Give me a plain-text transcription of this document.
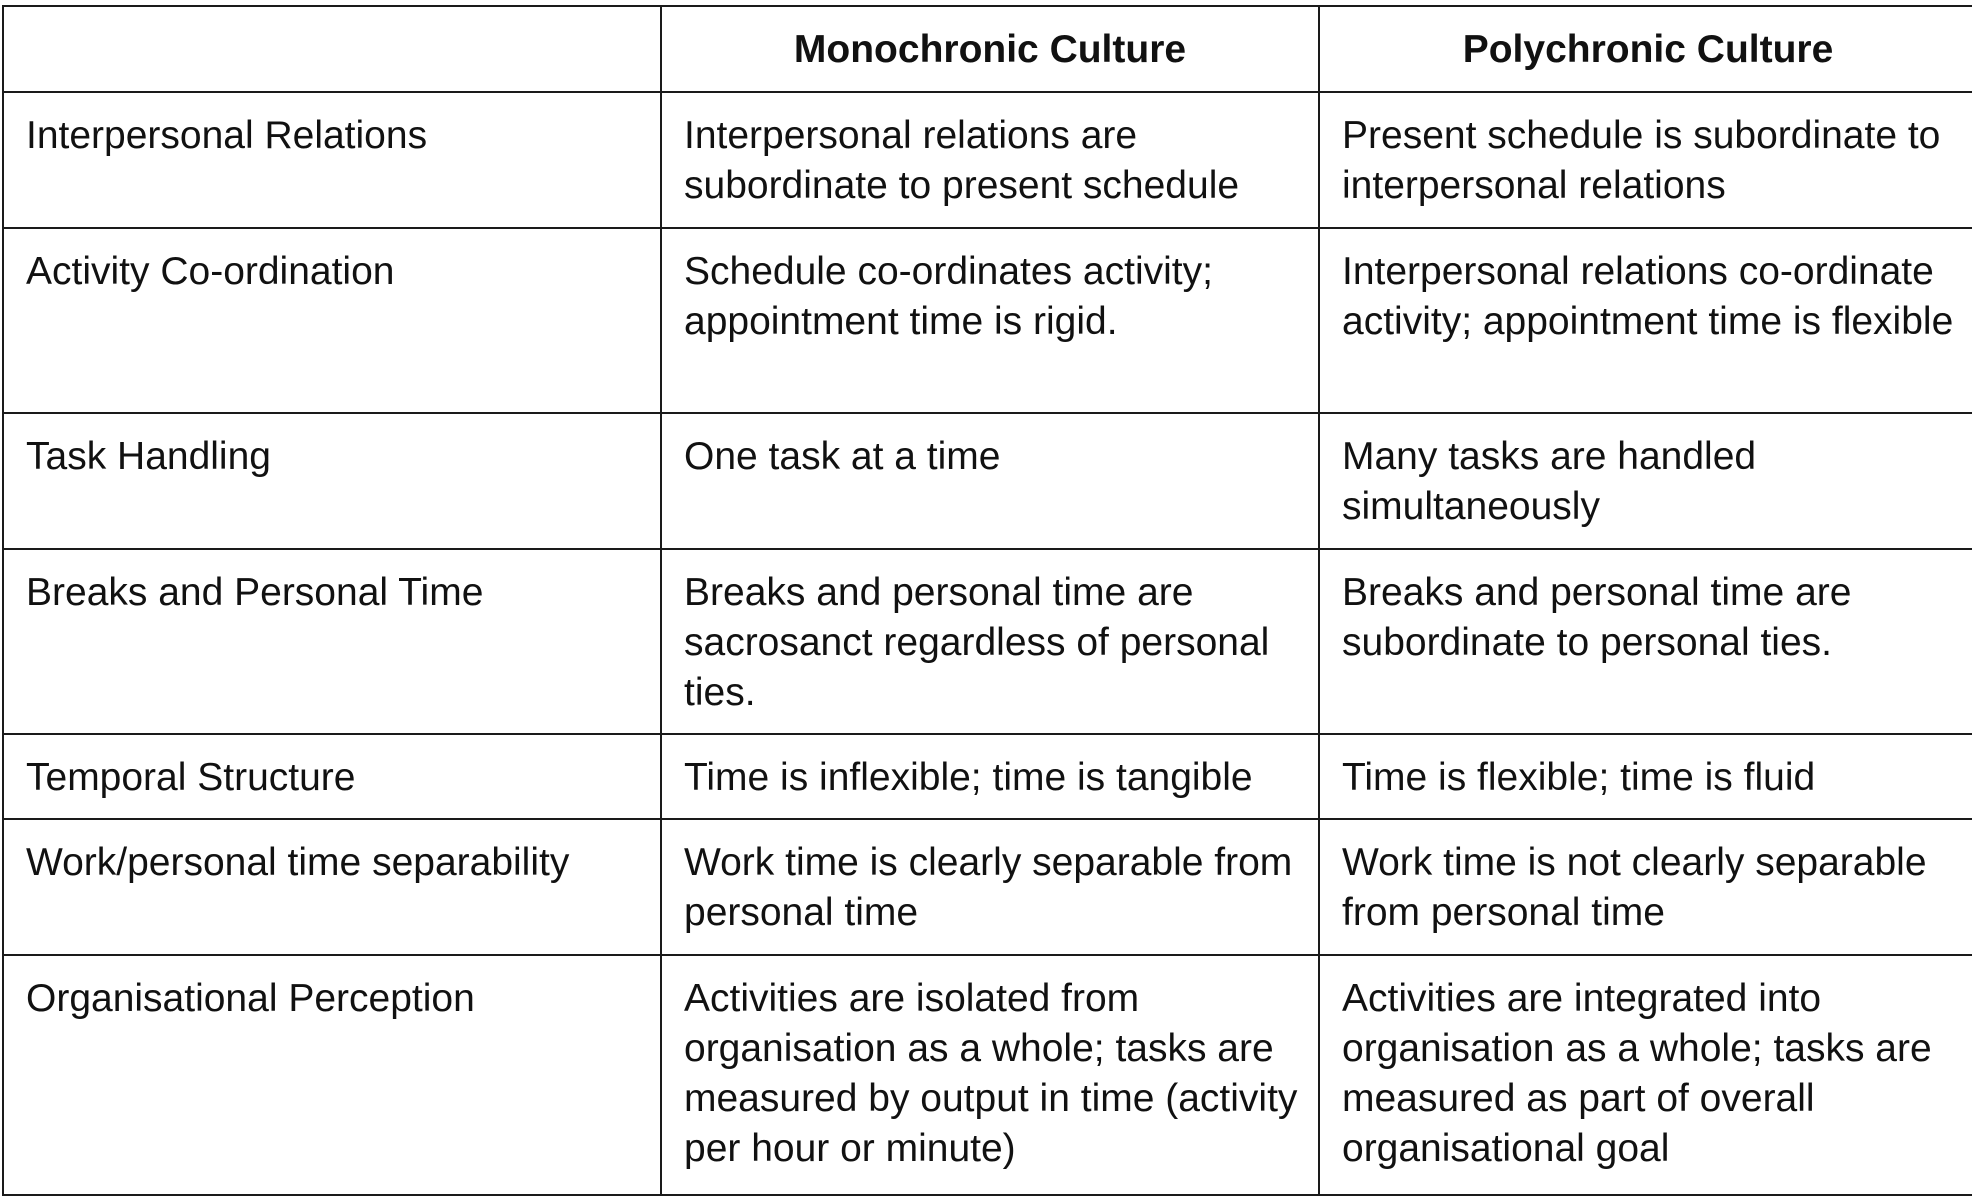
	Monochronic Culture	Polychronic Culture
Interpersonal Relations	Interpersonal relations are subordinate to present schedule	Present schedule is subordinate to interpersonal relations
Activity Co-ordination	Schedule co-ordinates activity; appointment time is rigid.	Interpersonal relations co-ordinate activity; appointment time is flexible
Task Handling	One task at a time	Many tasks are handled simultaneously
Breaks and Personal Time	Breaks and personal time are sacrosanct regardless of personal ties.	Breaks and personal time are subordinate to personal ties.
Temporal Structure	Time is inflexible; time is tangible	Time is flexible; time is fluid
Work/personal time separability	Work time is clearly separable from personal time	Work time is not clearly separable from personal time
Organisational Perception	Activities are isolated from organisation as a whole; tasks are measured by output in time (activity per hour or minute)	Activities are integrated into organisation as a whole; tasks are measured as part of overall organisational goal
